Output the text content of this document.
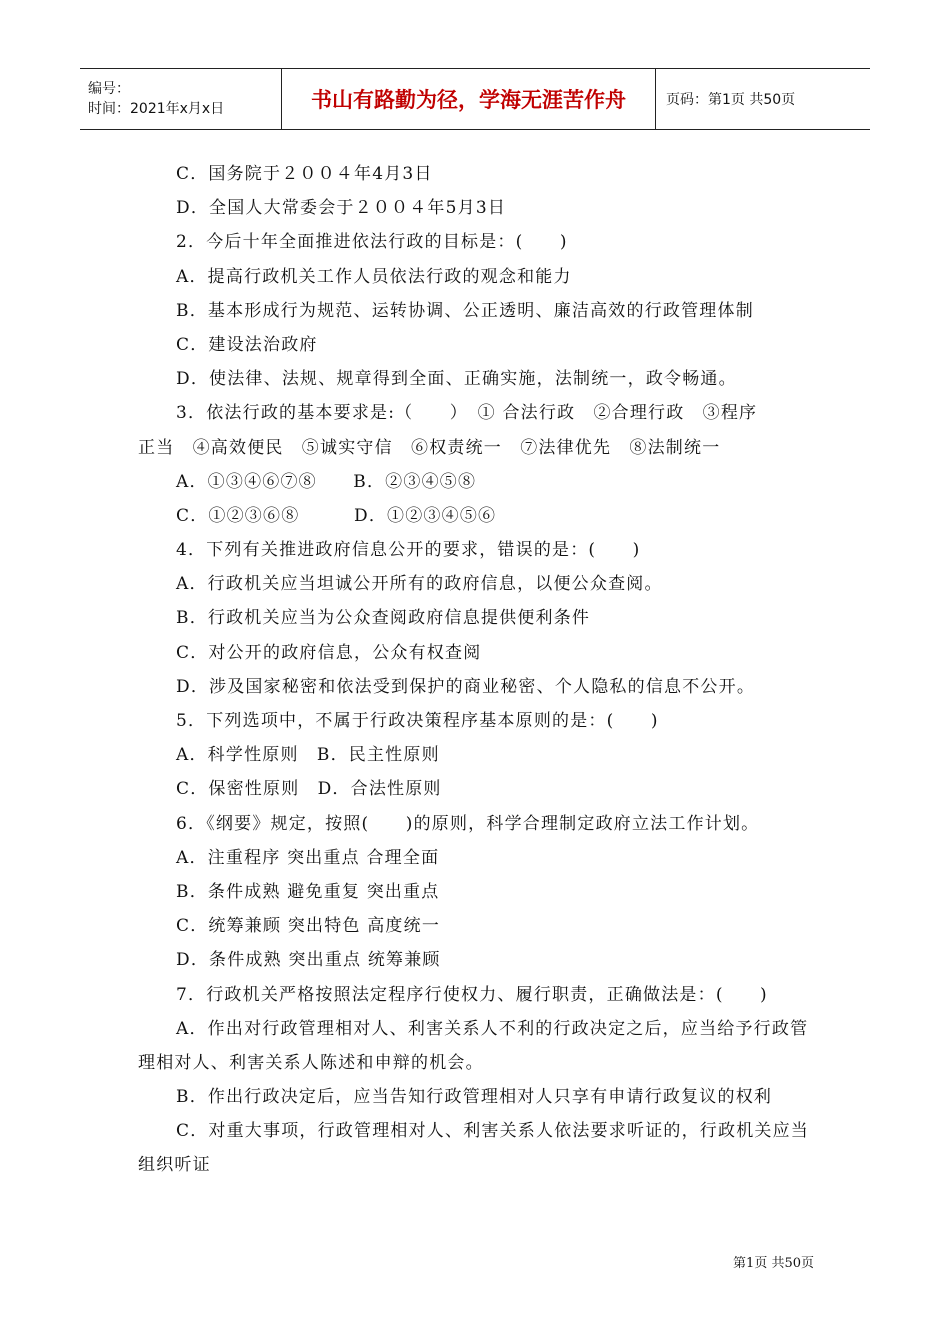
编号：
时间：2021年x月x日	书山有路勤为径，学海无涯苦作舟	页码：第1页 共50页
C．国务院于２００４年4月3日
D．全国人大常委会于２００４年5月3日
2．今后十年全面推进依法行政的目标是：(　　)
A．提高行政机关工作人员依法行政的观念和能力
B．基本形成行为规范、运转协调、公正透明、廉洁高效的行政管理体制
C．建设法治政府
D．使法律、法规、规章得到全面、正确实施，法制统一，政令畅通。
3．依法行政的基本要求是:（　　）　① 合法行政　②合理行政　③程序
正当　④高效便民　⑤诚实守信　⑥权责统一　⑦法律优先　⑧法制统一
A．①③④⑥⑦⑧　　B．②③④⑤⑧
C．①②③⑥⑧　　　D．①②③④⑤⑥
4．下列有关推进政府信息公开的要求，错误的是：(　　)
A．行政机关应当坦诚公开所有的政府信息，以便公众查阅。
B．行政机关应当为公众查阅政府信息提供便利条件
C．对公开的政府信息，公众有权查阅
D．涉及国家秘密和依法受到保护的商业秘密、个人隐私的信息不公开。
5．下列选项中，不属于行政决策程序基本原则的是：(　　)
A．科学性原则　B．民主性原则
C．保密性原则　D．合法性原则
6．《纲要》规定，按照(　　)的原则，科学合理制定政府立法工作计划。
A．注重程序 突出重点 合理全面
B．条件成熟 避免重复 突出重点
C．统筹兼顾 突出特色 高度统一
D．条件成熟 突出重点 统筹兼顾
7．行政机关严格按照法定程序行使权力、履行职责，正确做法是：(　　)
A．作出对行政管理相对人、利害关系人不利的行政决定之后，应当给予行政管
理相对人、利害关系人陈述和申辩的机会。
B．作出行政决定后，应当告知行政管理相对人只享有申请行政复议的权利
C．对重大事项，行政管理相对人、利害关系人依法要求听证的，行政机关应当
组织听证
第1页 共50页
